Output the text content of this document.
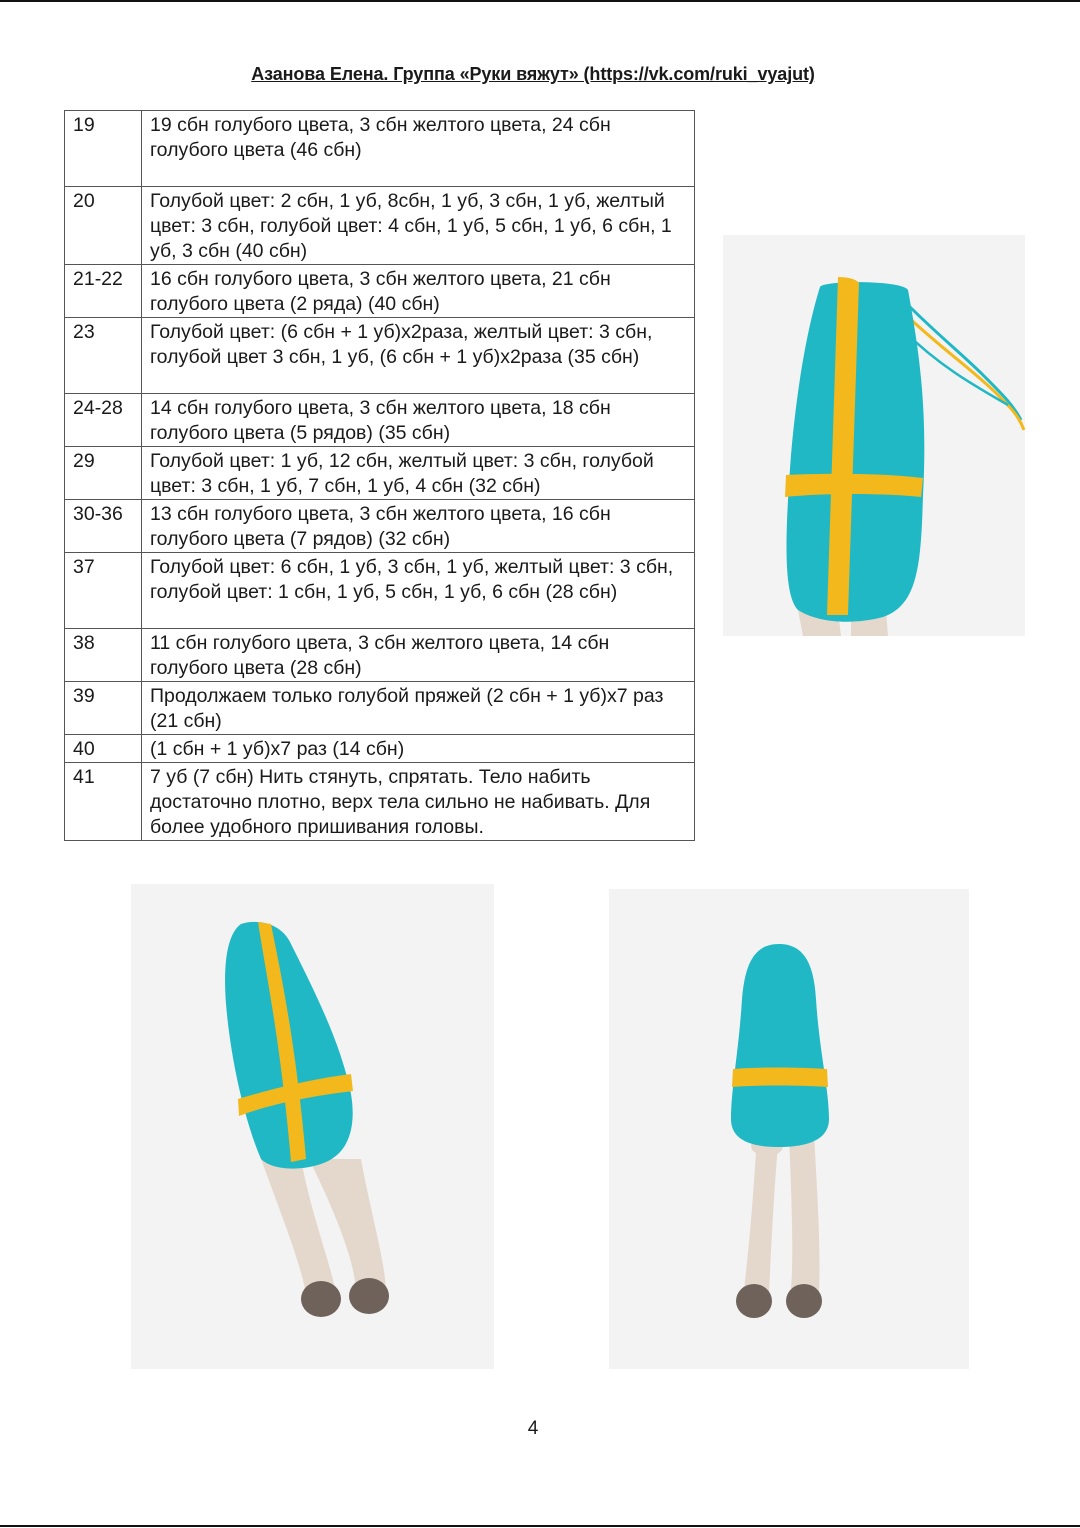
Азанова Елена. Группа «Руки вяжут» (https://vk.com/ruki_vyajut)
19	19 сбн голубого цвета, 3 сбн желтого цвета, 24 сбн голубого цвета (46 сбн)
20	Голубой цвет: 2 сбн, 1 уб, 8сбн, 1 уб, 3 сбн, 1 уб, желтый цвет: 3 сбн, голубой цвет: 4 сбн, 1 уб, 5 сбн, 1 уб, 6 сбн, 1 уб, 3 сбн (40 сбн)
21-22	16 сбн голубого цвета, 3 сбн желтого цвета, 21 сбн голубого цвета (2 ряда) (40 сбн)
23	Голубой цвет: (6 сбн + 1 уб)х2раза, желтый цвет: 3 сбн, голубой цвет 3 сбн, 1 уб, (6 сбн + 1 уб)х2раза (35 сбн)
24-28	14 сбн голубого цвета, 3 сбн желтого цвета, 18 сбн голубого цвета (5 рядов) (35 сбн)
29	Голубой цвет: 1 уб, 12 сбн, желтый цвет: 3 сбн, голубой цвет: 3 сбн, 1 уб, 7 сбн, 1 уб, 4 сбн (32 сбн)
30-36	13 сбн голубого цвета, 3 сбн желтого цвета, 16 сбн голубого цвета (7 рядов) (32 сбн)
37	Голубой цвет: 6 сбн, 1 уб, 3 сбн, 1 уб, желтый цвет: 3 сбн, голубой цвет: 1 сбн, 1 уб, 5 сбн, 1 уб, 6 сбн (28 сбн)
38	11 сбн голубого цвета, 3 сбн желтого цвета, 14 сбн голубого цвета (28 сбн)
39	Продолжаем только голубой пряжей (2 сбн + 1 уб)х7 раз (21 сбн)
40	(1 сбн + 1 уб)х7 раз (14 сбн)
41	7 уб (7 сбн) Нить стянуть, спрятать. Тело набить достаточно плотно, верх тела сильно не набивать. Для более удобного пришивания головы.
4
